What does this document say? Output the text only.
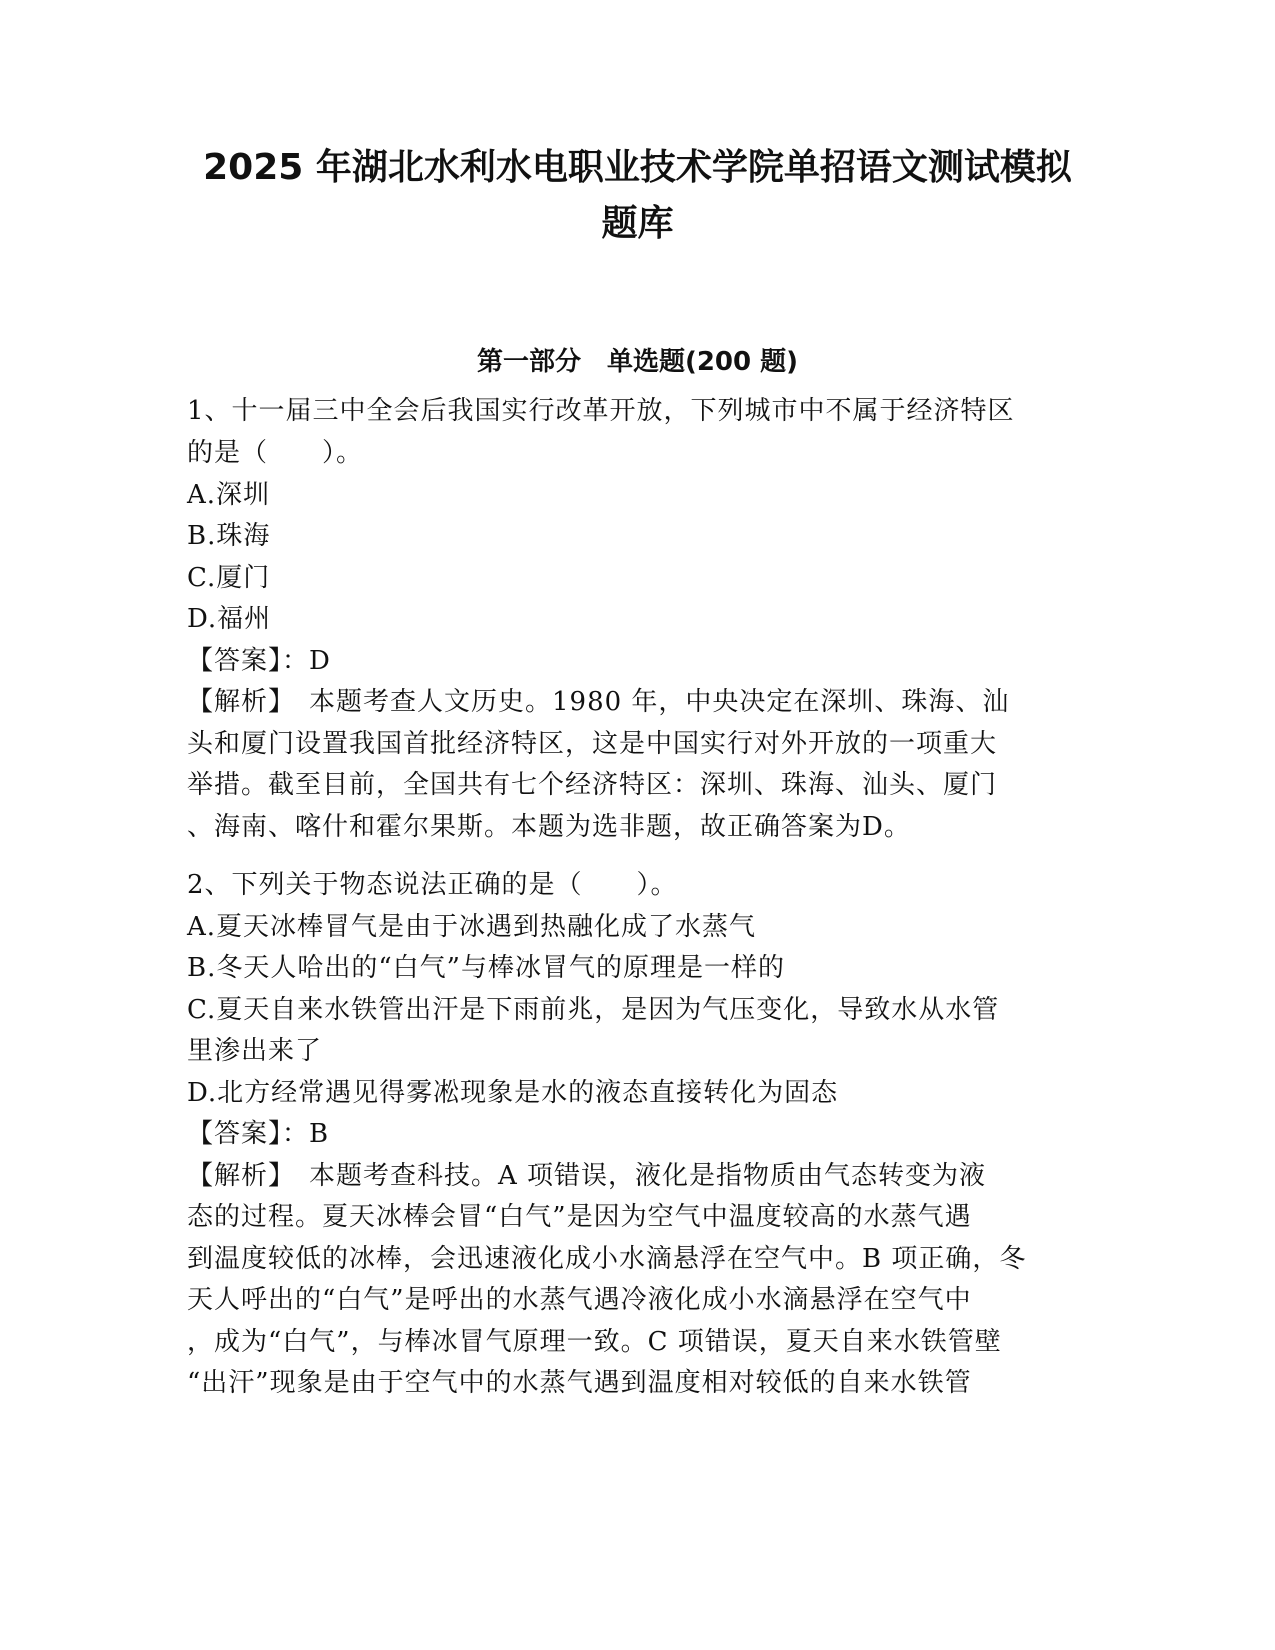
2025 年湖北水利水电职业技术学院单招语文测试模拟
题库
第一部分　单选题(200 题)
1、十一届三中全会后我国实行改革开放，下列城市中不属于经济特区
的是（　　）。
A.深圳
B.珠海
C.厦门
D.福州
【答案】：D
【解析】　本题考查人文历史。1980 年，中央决定在深圳、珠海、汕
头和厦门设置我国首批经济特区，这是中国实行对外开放的一项重大
举措。截至目前，全国共有七个经济特区：深圳、珠海、汕头、厦门
、海南、喀什和霍尔果斯。本题为选非题，故正确答案为D。
2、下列关于物态说法正确的是（　　）。
A.夏天冰棒冒气是由于冰遇到热融化成了水蒸气
B.冬天人哈出的“白气”与棒冰冒气的原理是一样的
C.夏天自来水铁管出汗是下雨前兆，是因为气压变化，导致水从水管
里渗出来了
D.北方经常遇见得雾凇现象是水的液态直接转化为固态
【答案】：B
【解析】　本题考查科技。A 项错误，液化是指物质由气态转变为液
态的过程。夏天冰棒会冒“白气”是因为空气中温度较高的水蒸气遇
到温度较低的冰棒，会迅速液化成小水滴悬浮在空气中。B 项正确，冬
天人呼出的“白气”是呼出的水蒸气遇冷液化成小水滴悬浮在空气中
，成为“白气”，与棒冰冒气原理一致。C 项错误，夏天自来水铁管壁
“出汗”现象是由于空气中的水蒸气遇到温度相对较低的自来水铁管
